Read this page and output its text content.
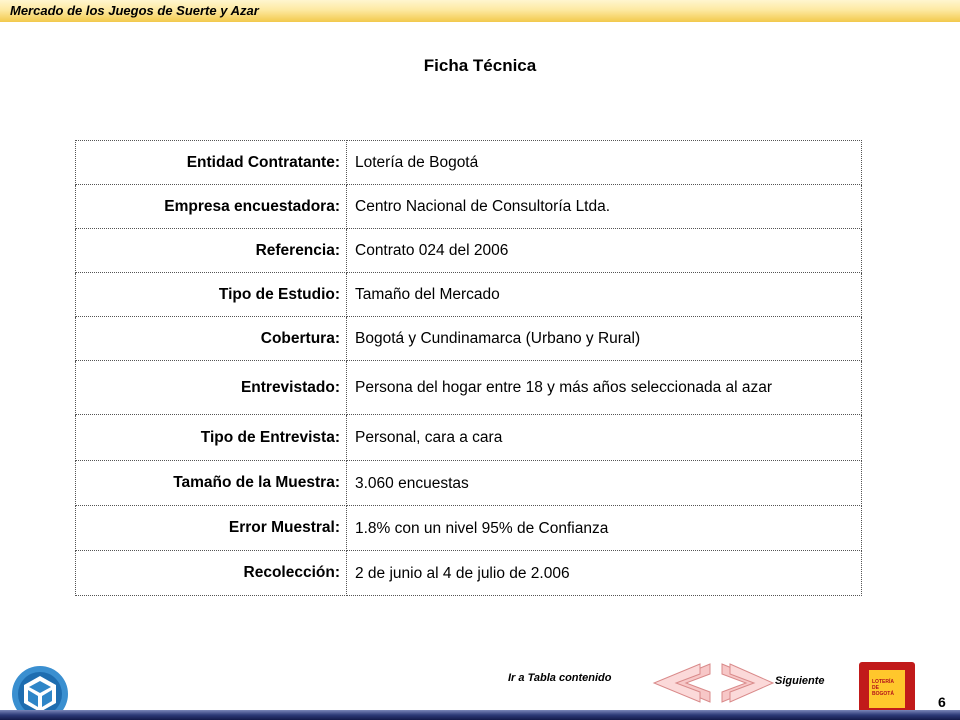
Mercado de los Juegos de Suerte y Azar
Ficha Técnica
Entidad Contratante:	Lotería de Bogotá
Empresa encuestadora:	Centro Nacional de Consultoría Ltda.
Referencia:	Contrato 024 del 2006
Tipo de Estudio:	Tamaño del Mercado
Cobertura:	Bogotá y Cundinamarca (Urbano y Rural)
Entrevistado:	Persona del hogar entre 18 y más años seleccionada al azar
Tipo de Entrevista:	Personal, cara a cara
Tamaño de la Muestra:	3.060 encuestas
Error Muestral:	1.8% con un nivel 95% de Confianza
Recolección:	2 de junio al 4 de julio de 2.006
Ir a Tabla contenido	Siguiente	LOTERÍA
DE
BOGOTÁ	6
